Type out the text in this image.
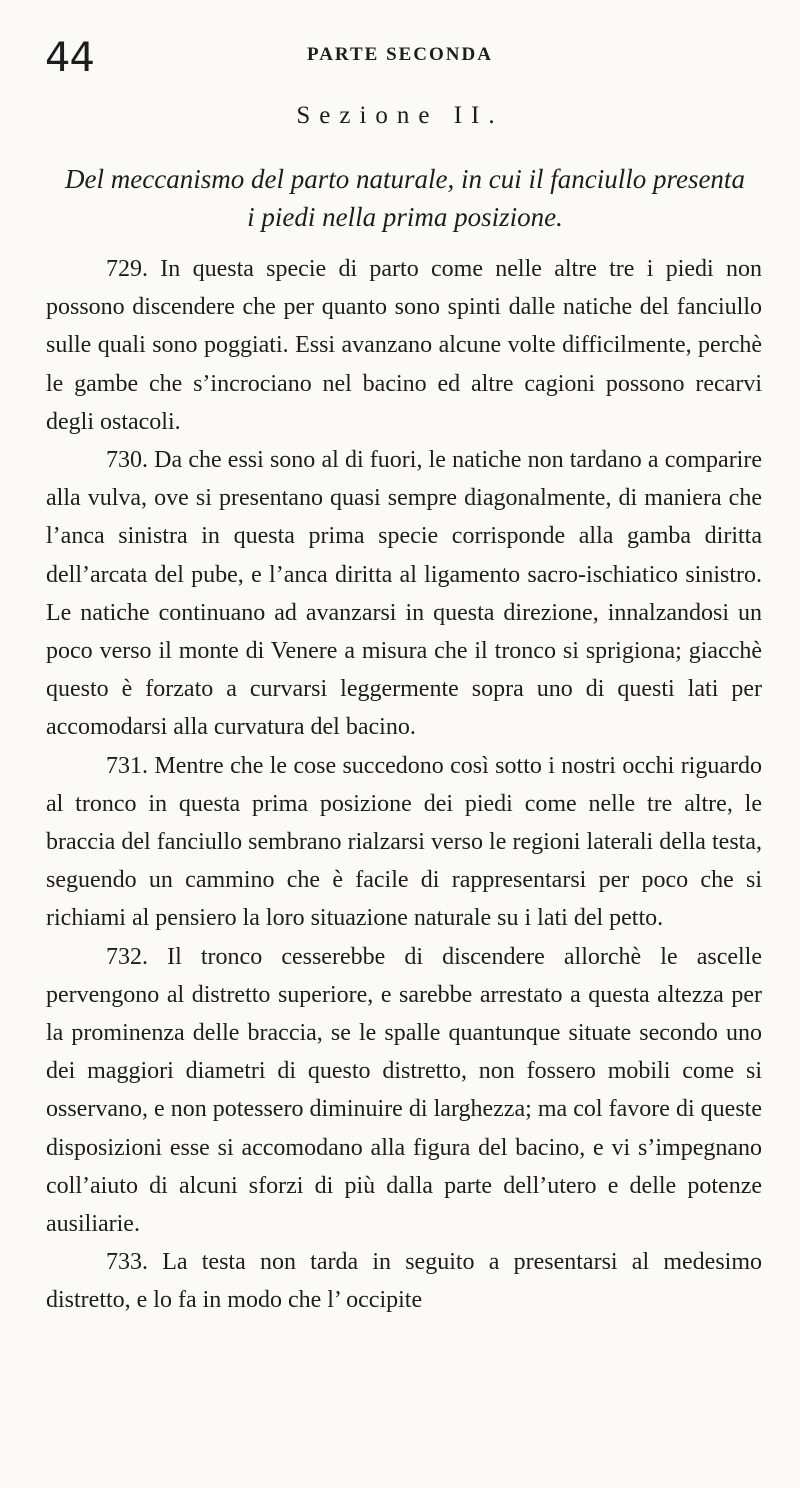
44	PARTE SECONDA
Sezione II.
Del meccanismo del parto naturale, in cui il fanciullo presenta i piedi nella prima posizione.

729. In questa specie di parto come nelle altre tre i piedi non possono discendere che per quanto sono spinti dalle natiche del fanciullo sulle quali sono poggiati. Essi avanzano alcune volte difficilmente, perchè le gambe che s’incrociano nel bacino ed altre cagioni possono recarvi degli ostacoli.

730. Da che essi sono al di fuori, le natiche non tardano a comparire alla vulva, ove si presentano quasi sempre diagonalmente, di maniera che l’anca sinistra in questa prima specie corrisponde alla gamba diritta dell’arcata del pube, e l’anca diritta al ligamento sacro-ischiatico sinistro. Le natiche continuano ad avanzarsi in questa direzione, innalzandosi un poco verso il monte di Venere a misura che il tronco si sprigiona; giacchè questo è forzato a curvarsi leggermente sopra uno di questi lati per accomodarsi alla curvatura del bacino.

731. Mentre che le cose succedono così sotto i nostri occhi riguardo al tronco in questa prima posizione dei piedi come nelle tre altre, le braccia del fanciullo sembrano rialzarsi verso le regioni laterali della testa, seguendo un cammino che è facile di rappresentarsi per poco che si richiami al pensiero la loro situazione naturale su i lati del petto.

732. Il tronco cesserebbe di discendere allorchè le ascelle pervengono al distretto superiore, e sarebbe arrestato a questa altezza per la prominenza delle braccia, se le spalle quantunque situate secondo uno dei maggiori diametri di questo distretto, non fossero mobili come si osservano, e non potessero diminuire di larghezza; ma col favore di queste disposizioni esse si accomodano alla figura del bacino, e vi s’impegnano coll’aiuto di alcuni sforzi di più dalla parte dell’utero e delle potenze ausiliarie.

733. La testa non tarda in seguito a presentarsi al medesimo distretto, e lo fa in modo che l’ occipite
